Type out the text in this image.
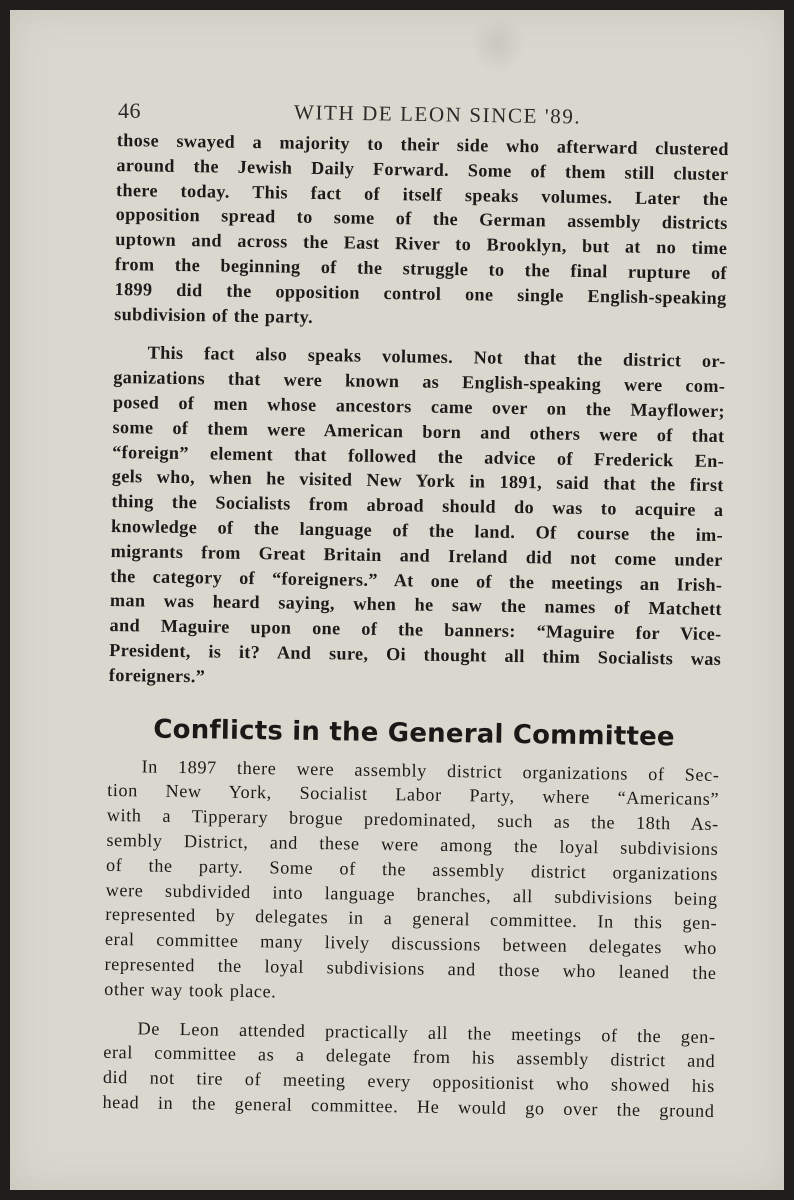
46	WITH DE LEON SINCE '89.

those swayed a majority to their side who afterward clustered

around the Jewish Daily Forward. Some of them still cluster

there today. This fact of itself speaks volumes. Later the

opposition spread to some of the German assembly districts

uptown and across the East River to Brooklyn, but at no time

from the beginning of the struggle to the final rupture of

1899 did the opposition control one single English-speaking

subdivision of the party.

This fact also speaks volumes. Not that the district or-

ganizations that were known as English-speaking were com-

posed of men whose ancestors came over on the Mayflower;

some of them were American born and others were of that

“foreign” element that followed the advice of Frederick En-

gels who, when he visited New York in 1891, said that the first

thing the Socialists from abroad should do was to acquire a

knowledge of the language of the land. Of course the im-

migrants from Great Britain and Ireland did not come under

the category of “foreigners.” At one of the meetings an Irish-

man was heard saying, when he saw the names of Matchett

and Maguire upon one of the banners: “Maguire for Vice-

President, is it? And sure, Oi thought all thim Socialists was

foreigners.”

Conflicts in the General Committee

In 1897 there were assembly district organizations of Sec-

tion New York, Socialist Labor Party, where “Americans”

with a Tipperary brogue predominated, such as the 18th As-

sembly District, and these were among the loyal subdivisions

of the party. Some of the assembly district organizations

were subdivided into language branches, all subdivisions being

represented by delegates in a general committee. In this gen-

eral committee many lively discussions between delegates who

represented the loyal subdivisions and those who leaned the

other way took place.

De Leon attended practically all the meetings of the gen-

eral committee as a delegate from his assembly district and

did not tire of meeting every oppositionist who showed his

head in the general committee. He would go over the ground
